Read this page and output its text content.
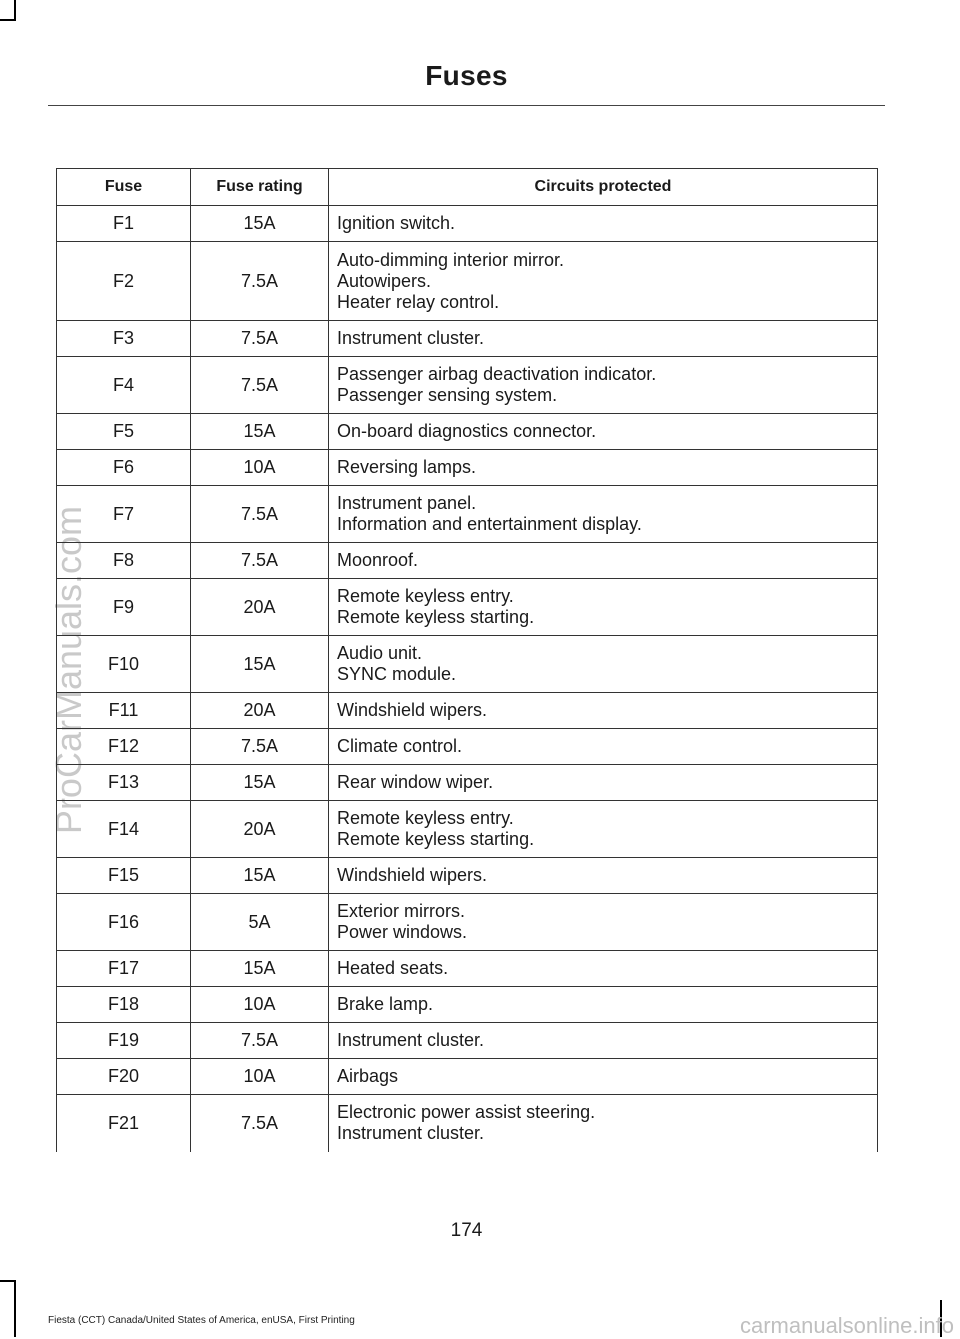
ProCarManuals.com
Fuses
Fuse	Fuse rating	Circuits protected
F1	15A	Ignition switch.

F2	7.5A	Auto-dimming interior mirror.
Autowipers.
Heater relay control.

F3	7.5A	Instrument cluster.

F4	7.5A	Passenger airbag deactivation indicator.
Passenger sensing system.

F5	15A	On-board diagnostics connector.

F6	10A	Reversing lamps.

F7	7.5A	Instrument panel.
Information and entertainment display.

F8	7.5A	Moonroof.

F9	20A	Remote keyless entry.
Remote keyless starting.

F10	15A	Audio unit.
SYNC module.

F11	20A	Windshield wipers.

F12	7.5A	Climate control.

F13	15A	Rear window wiper.

F14	20A	Remote keyless entry.
Remote keyless starting.

F15	15A	Windshield wipers.

F16	5A	Exterior mirrors.
Power windows.

F17	15A	Heated seats.

F18	10A	Brake lamp.

F19	7.5A	Instrument cluster.

F20	10A	Airbags

F21	7.5A	Electronic power assist steering.
Instrument cluster.
174
Fiesta (CCT) Canada/United States of America, enUSA, First Printing	carmanualsonline.info
